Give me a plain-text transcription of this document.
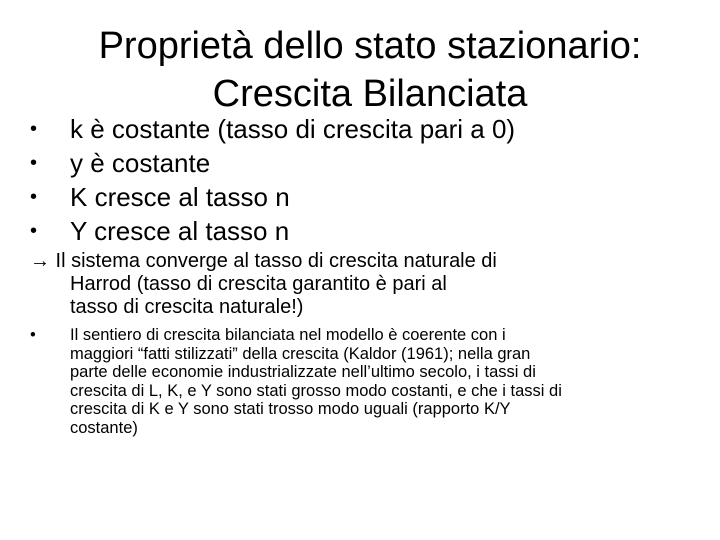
Proprietà dello stato stazionario:
Crescita Bilanciata
•	k è costante (tasso di crescita pari a 0)
•	y è costante
•	K cresce al tasso n
•	Y cresce al tasso n
→ Il sistema converge al tasso di crescita naturale di
Harrod (tasso di crescita garantito è pari al
tasso di crescita naturale!)
•	Il sentiero di crescita bilanciata nel modello è coerente con i
maggiori “fatti stilizzati” della crescita (Kaldor (1961); nella gran
parte delle economie industrializzate nell’ultimo secolo, i tassi di
crescita di L, K, e Y sono stati grosso modo costanti, e che i tassi di
crescita di K e Y sono stati trosso modo uguali (rapporto K/Y
costante)
